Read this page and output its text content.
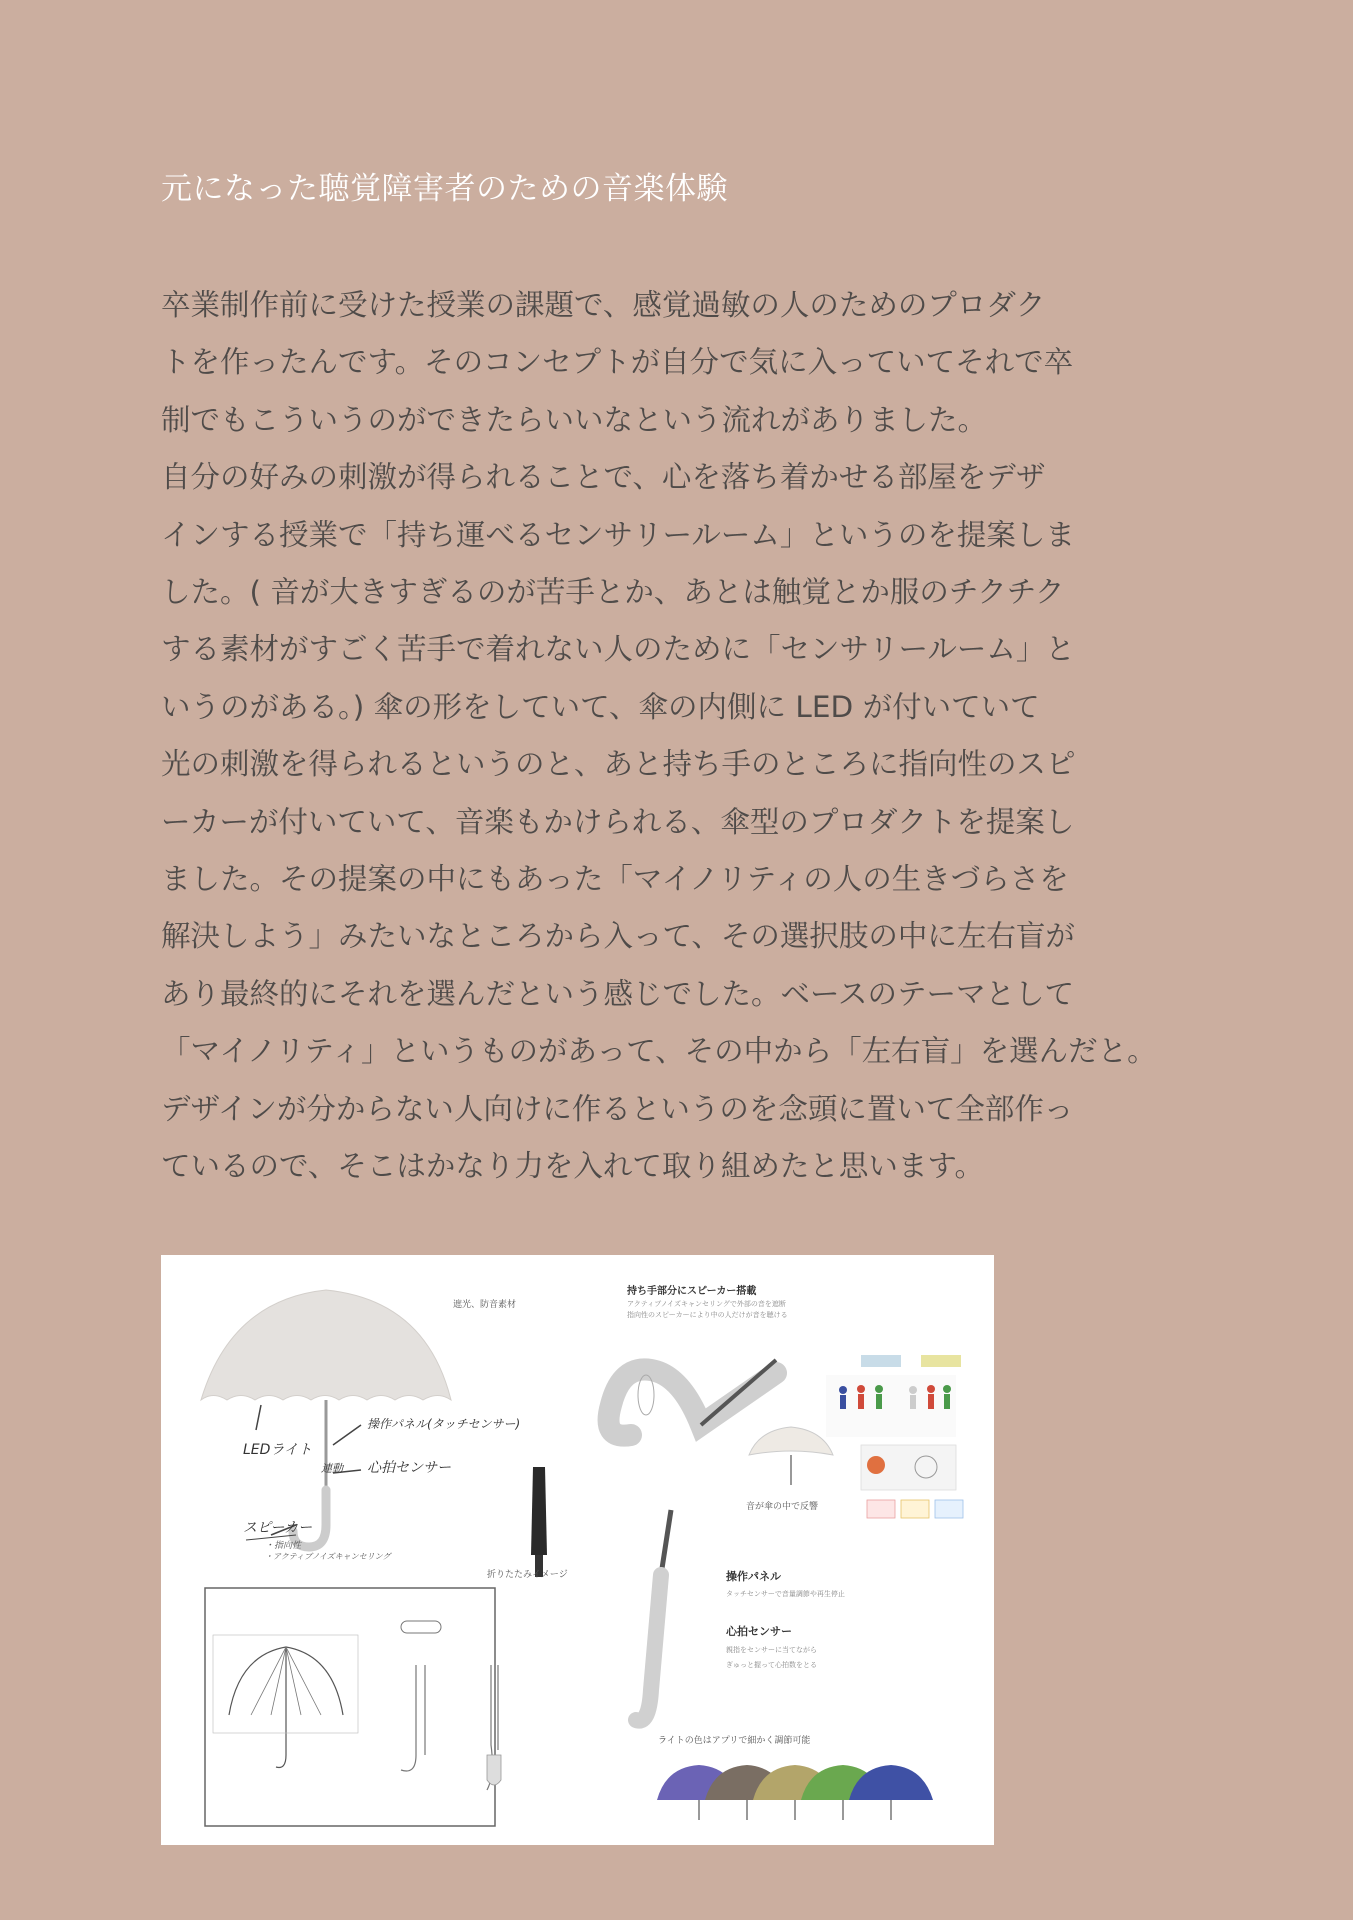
元になった聴覚障害者のための音楽体験
卒業制作前に受けた授業の課題で、感覚過敏の人のためのプロダク
トを作ったんです。そのコンセプトが自分で気に入っていてそれで卒
制でもこういうのができたらいいなという流れがありました。
自分の好みの刺激が得られることで、心を落ち着かせる部屋をデザ
インする授業で「持ち運べるセンサリールーム」というのを提案しま
した。( 音が大きすぎるのが苦手とか、あとは触覚とか服のチクチク
する素材がすごく苦手で着れない人のために「センサリールーム」と
いうのがある。) 傘の形をしていて、傘の内側に LED が付いていて
光の刺激を得られるというのと、あと持ち手のところに指向性のスピ
ーカーが付いていて、音楽もかけられる、傘型のプロダクトを提案し
ました。その提案の中にもあった「マイノリティの人の生きづらさを
解決しよう」みたいなところから入って、その選択肢の中に左右盲が
あり最終的にそれを選んだという感じでした。ベースのテーマとして
「マイノリティ」というものがあって、その中から「左右盲」を選んだと。
デザインが分からない人向けに作るというのを念頭に置いて全部作っ
ているので、そこはかなり力を入れて取り組めたと思います。
遮光、防音素材
LEDライト
連動
操作パネル(タッチセンサー)
心拍センサー
スピーカー
・指向性
・アクティブノイズキャンセリング
折りたたみイメージ
持ち手部分にスピーカー搭載
アクティブノイズキャンセリングで外部の音を遮断
指向性のスピーカーにより中の人だけが音を聴ける
音が傘の中で反響
操作パネル
タッチセンサーで音量調節や再生停止
心拍センサー
親指をセンサーに当てながら
ぎゅっと握って心拍数をとる
ライトの色はアプリで細かく調節可能
